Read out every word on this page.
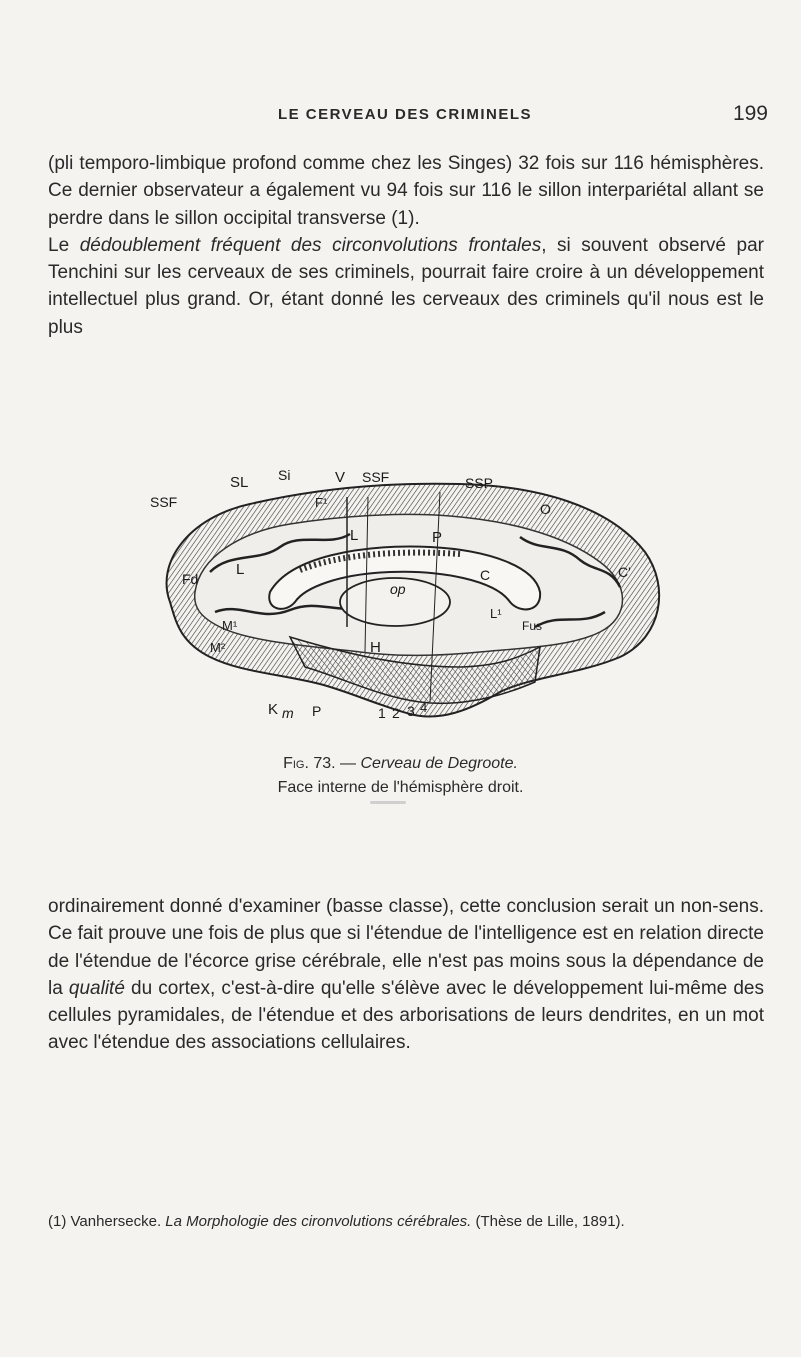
LE CERVEAU DES CRIMINELS	199

(pli temporo-limbique profond comme chez les Singes) 32 fois sur 116 hémisphères. Ce dernier observateur a également vu 94 fois sur 116 le sillon interpariétal allant se perdre dans le sillon occipital transverse (1).

Le dédoublement fréquent des circonvolutions frontales, si souvent observé par Tenchini sur les cerveaux de ses criminels, pourrait faire croire à un développement intellectuel plus grand. Or, étant donné les cerveaux des criminels qu'il nous est le plus

SL Si	V SSF	SSP
SSF	F¹	O
L	P
Fd
L
op
C	C'
M¹
M²
L¹
H
Fus
K m P	1 2 3 4
Fig. 73. — Cerveau de Degroote.
Face interne de l'hémisphère droit.

ordinairement donné d'examiner (basse classe), cette conclusion serait un non-sens. Ce fait prouve une fois de plus que si l'étendue de l'intelligence est en relation directe de l'étendue de l'écorce grise cérébrale, elle n'est pas moins sous la dépendance de la qualité du cortex, c'est-à-dire qu'elle s'élève avec le développement lui-même des cellules pyramidales, de l'étendue et des arborisations de leurs dendrites, en un mot avec l'étendue des associations cellulaires.

(1) Vanhersecke. La Morphologie des cironvolutions cérébrales. (Thèse de Lille, 1891).
